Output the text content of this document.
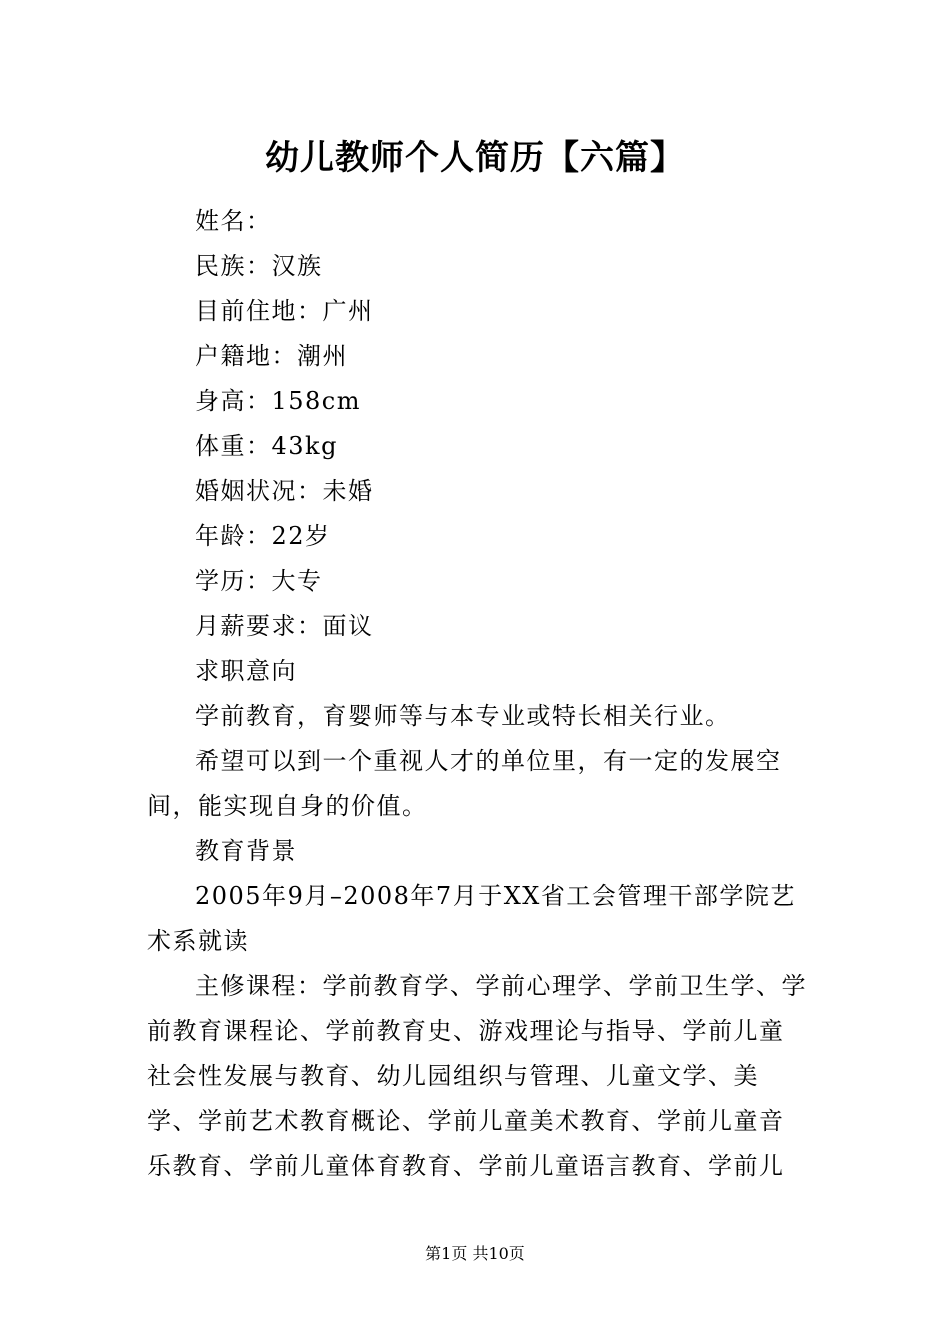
幼儿教师个人简历【六篇】

姓名：

民族：汉族

目前住地：广州

户籍地：潮州

身高：158cm

体重：43kg

婚姻状况：未婚

年龄：22岁

学历：大专

月薪要求：面议

求职意向

学前教育，育婴师等与本专业或特长相关行业。

希望可以到一个重视人才的单位里，有一定的发展空间，能实现自身的价值。

教育背景

2005年9月–2008年7月于XX省工会管理干部学院艺术系就读

主修课程：学前教育学、学前心理学、学前卫生学、学前教育课程论、学前教育史、游戏理论与指导、学前儿童社会性发展与教育、幼儿园组织与管理、儿童文学、美学、学前艺术教育概论、学前儿童美术教育、学前儿童音乐教育、学前儿童体育教育、学前儿童语言教育、学前儿

第1页 共10页
